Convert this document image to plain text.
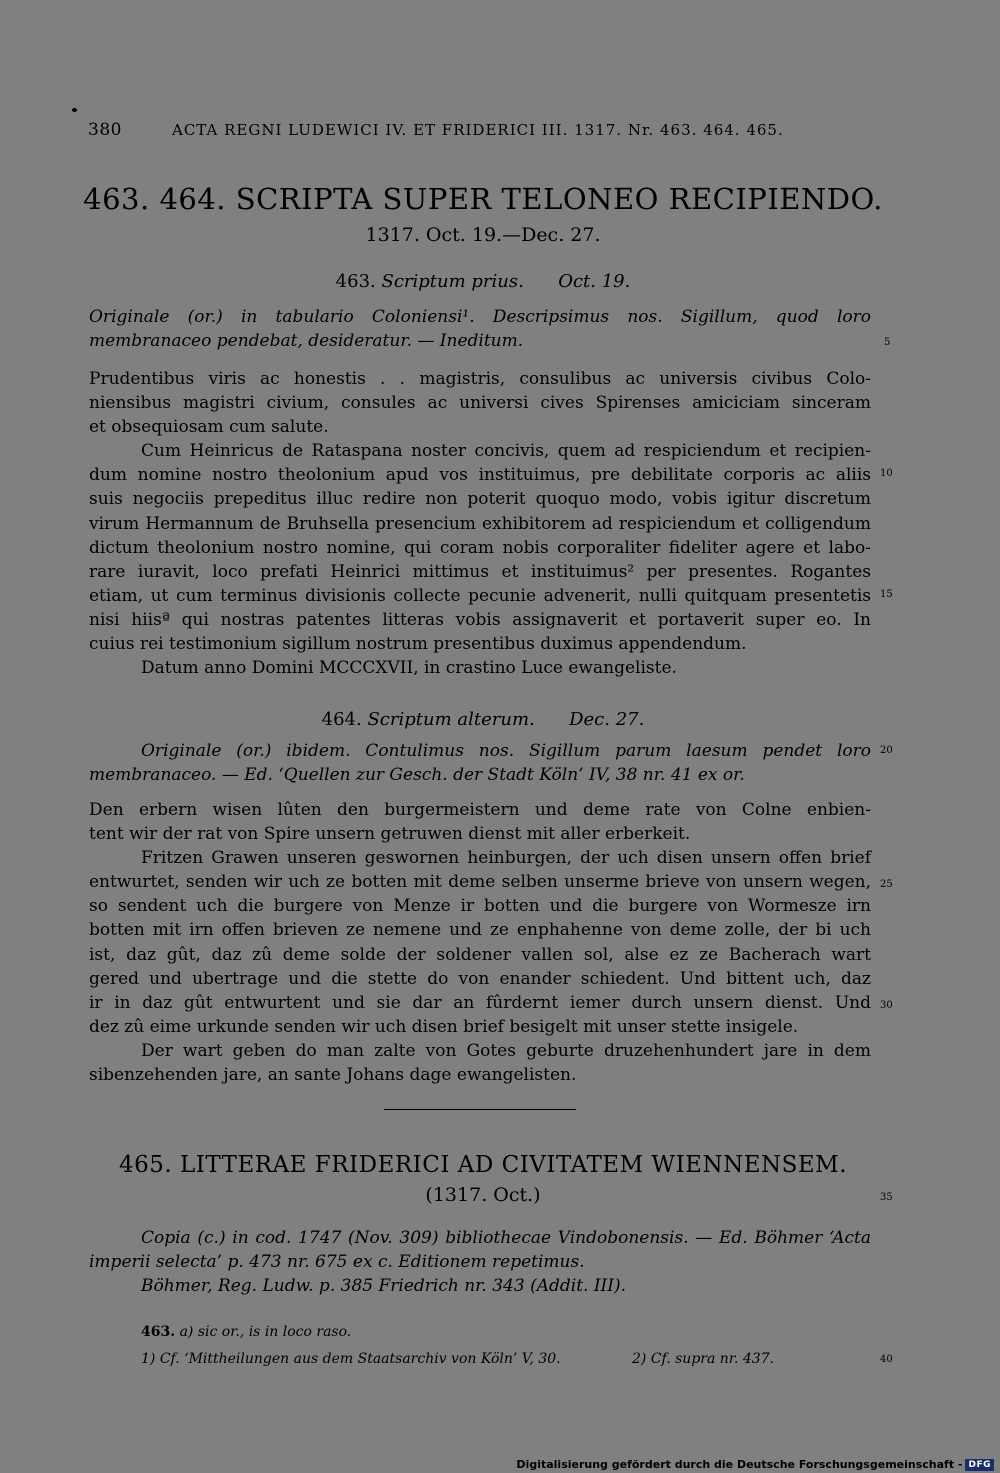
380	ACTA REGNI LUDEWICI IV. ET FRIDERICI III. 1317. Nr. 463. 464. 465.
463. 464. SCRIPTA SUPER TELONEO RECIPIENDO.
1317. Oct. 19.—Dec. 27.
463. Scriptum prius. Oct. 19.
Originale (or.) in tabulario Coloniensi¹. Descripsimus nos. Sigillum, quod loro
membranaceo pendebat, desideratur. — Ineditum.
Prudentibus viris ac honestis . . magistris, consulibus ac universis civibus Colo-
niensibus magistri civium, consules ac universi cives Spirenses amiciciam sinceram
et obsequiosam cum salute.
Cum Heinricus de Rataspana noster concivis, quem ad respiciendum et recipien-
dum nomine nostro theolonium apud vos instituimus, pre debilitate corporis ac aliis
suis negociis prepeditus illuc redire non poterit quoquo modo, vobis igitur discretum
virum Hermannum de Bruhsella presencium exhibitorem ad respiciendum et colligendum
dictum theolonium nostro nomine, qui coram nobis corporaliter fideliter agere et labo-
rare iuravit, loco prefati Heinrici mittimus et instituimus² per presentes. Rogantes
etiam, ut cum terminus divisionis collecte pecunie advenerit, nulli quitquam presentetis
nisi hiisª qui nostras patentes litteras vobis assignaverit et portaverit super eo. In
cuius rei testimonium sigillum nostrum presentibus duximus appendendum.
Datum anno Domini MCCCXVII, in crastino Luce ewangeliste.
464. Scriptum alterum. Dec. 27.
Originale (or.) ibidem. Contulimus nos. Sigillum parum laesum pendet loro
membranaceo. — Ed. ‘Quellen zur Gesch. der Stadt Köln’ IV, 38 nr. 41 ex or.
Den erbern wisen lûten den burgermeistern und deme rate von Colne enbien-
tent wir der rat von Spire unsern getruwen dienst mit aller erberkeit.
Fritzen Grawen unseren geswornen heinburgen, der uch disen unsern offen brief
entwurtet, senden wir uch ze botten mit deme selben unserme brieve von unsern wegen,
so sendent uch die burgere von Menze ir botten und die burgere von Wormesze irn
botten mit irn offen brieven ze nemene und ze enphahenne von deme zolle, der bi uch
ist, daz gût, daz zû deme solde der soldener vallen sol, alse ez ze Bacherach wart
gered und ubertrage und die stette do von enander schiedent. Und bittent uch, daz
ir in daz gût entwurtent und sie dar an fûrdernt iemer durch unsern dienst. Und
dez zû eime urkunde senden wir uch disen brief besigelt mit unser stette insigele.
Der wart geben do man zalte von Gotes geburte druzehenhundert jare in dem
sibenzehenden jare, an sante Johans dage ewangelisten.
465. LITTERAE FRIDERICI AD CIVITATEM WIENNENSEM.
(1317. Oct.)
Copia (c.) in cod. 1747 (Nov. 309) bibliothecae Vindobonensis. — Ed. Böhmer ‘Acta
imperii selecta’ p. 473 nr. 675 ex c. Editionem repetimus.
Böhmer, Reg. Ludw. p. 385 Friedrich nr. 343 (Addit. III).
463. a) sic or., is in loco raso.
1) Cf. ‘Mittheilungen aus dem Staatsarchiv von Köln’ V, 30.	2) Cf. supra nr. 437.
5
10
15
20
25
30
35
40
Digitalisierung gefördert durch die Deutsche Forschungsgemeinschaft - DFG
